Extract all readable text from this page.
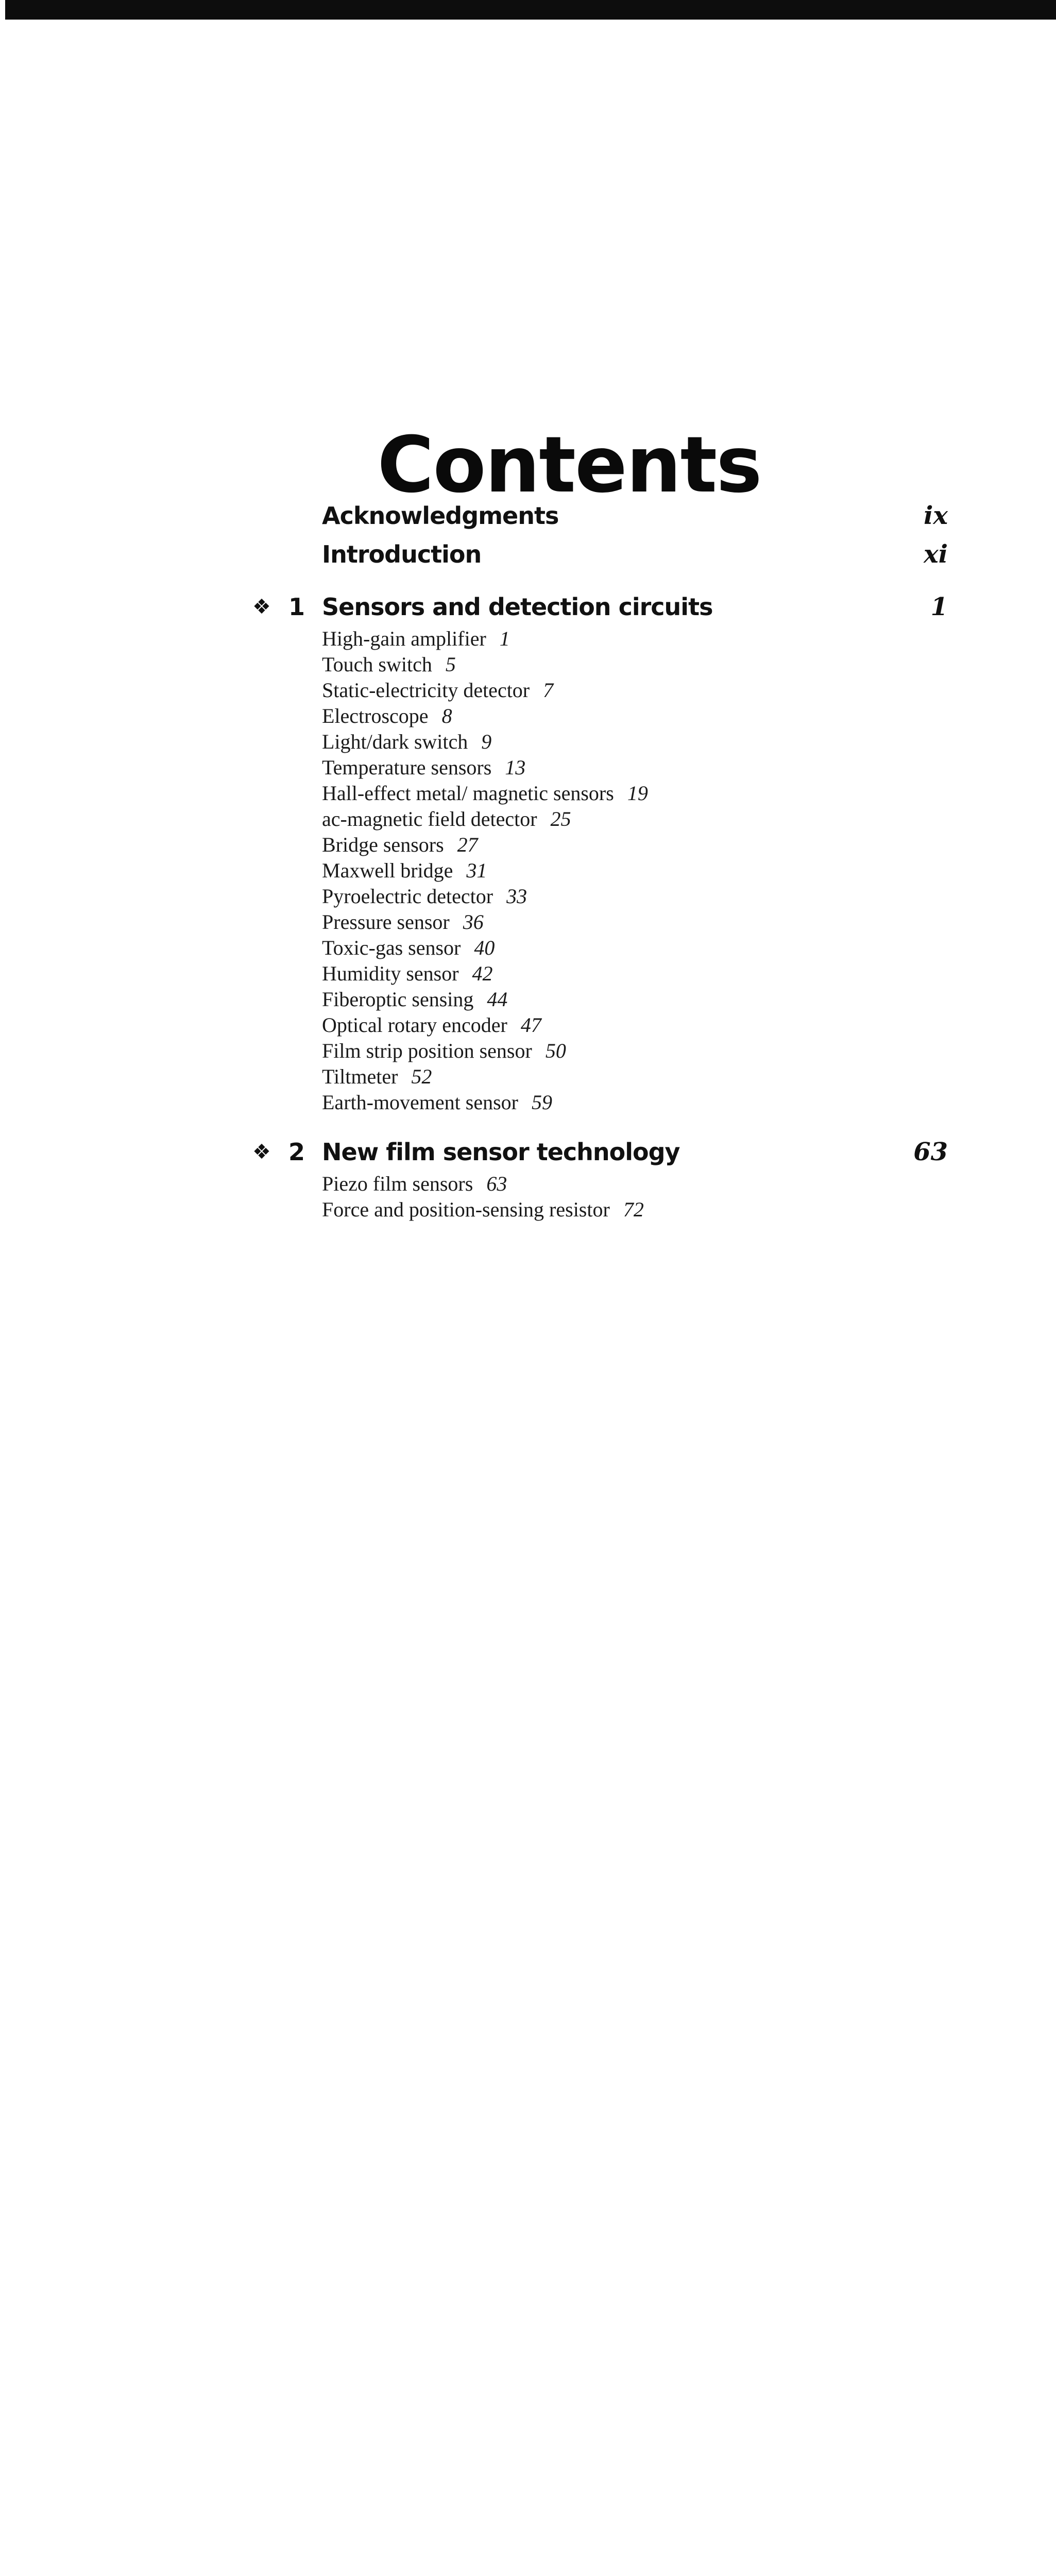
Contents
Acknowledgments	ix
Introduction	xi
❖ 1 Sensors and detection circuits	1
High-gain amplifier 1
Touch switch 5
Static-electricity detector 7
Electroscope 8
Light/dark switch 9
Temperature sensors 13
Hall-effect metal/ magnetic sensors 19
ac-magnetic field detector 25
Bridge sensors 27
Maxwell bridge 31
Pyroelectric detector 33
Pressure sensor 36
Toxic-gas sensor 40
Humidity sensor 42
Fiberoptic sensing 44
Optical rotary encoder 47
Film strip position sensor 50
Tiltmeter 52
Earth-movement sensor 59
❖ 2 New film sensor technology	63
Piezo film sensors 63
Force and position-sensing resistor 72
